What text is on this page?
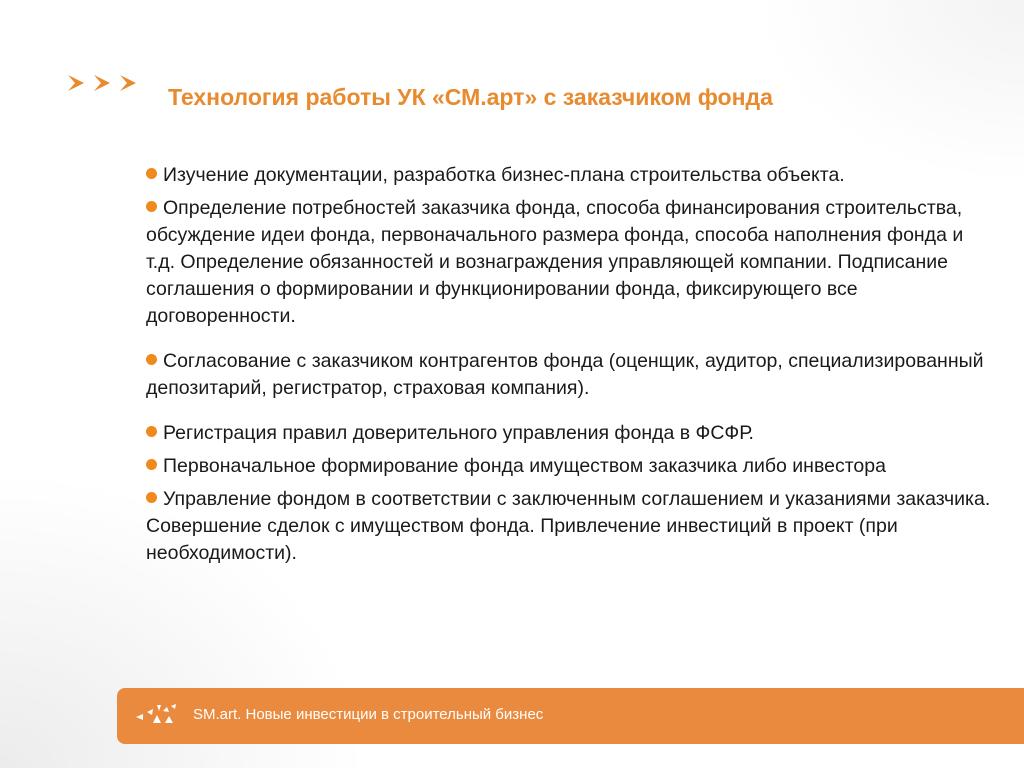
Технология работы УК «СМ.арт» с заказчиком фонда

Изучение документации, разработка бизнес-плана строительства объекта.

Определение потребностей заказчика фонда, способа финансирования строительства, обсуждение идеи фонда, первоначального размера фонда, способа наполнения фонда и т.д. Определение обязанностей и вознаграждения управляющей компании. Подписание соглашения о формировании и функционировании фонда, фиксирующего все договоренности.

Согласование с заказчиком контрагентов фонда (оценщик, аудитор, специализированный депозитарий, регистратор, страховая компания).

Регистрация правил доверительного управления фонда в ФСФР.

Первоначальное формирование фонда имуществом заказчика либо инвестора

Управление фондом в соответствии с заключенным соглашением и указаниями заказчика. Совершение сделок с имуществом фонда. Привлечение инвестиций в проект (при необходимости).

SM.art. Новые инвестиции в строительный бизнес
